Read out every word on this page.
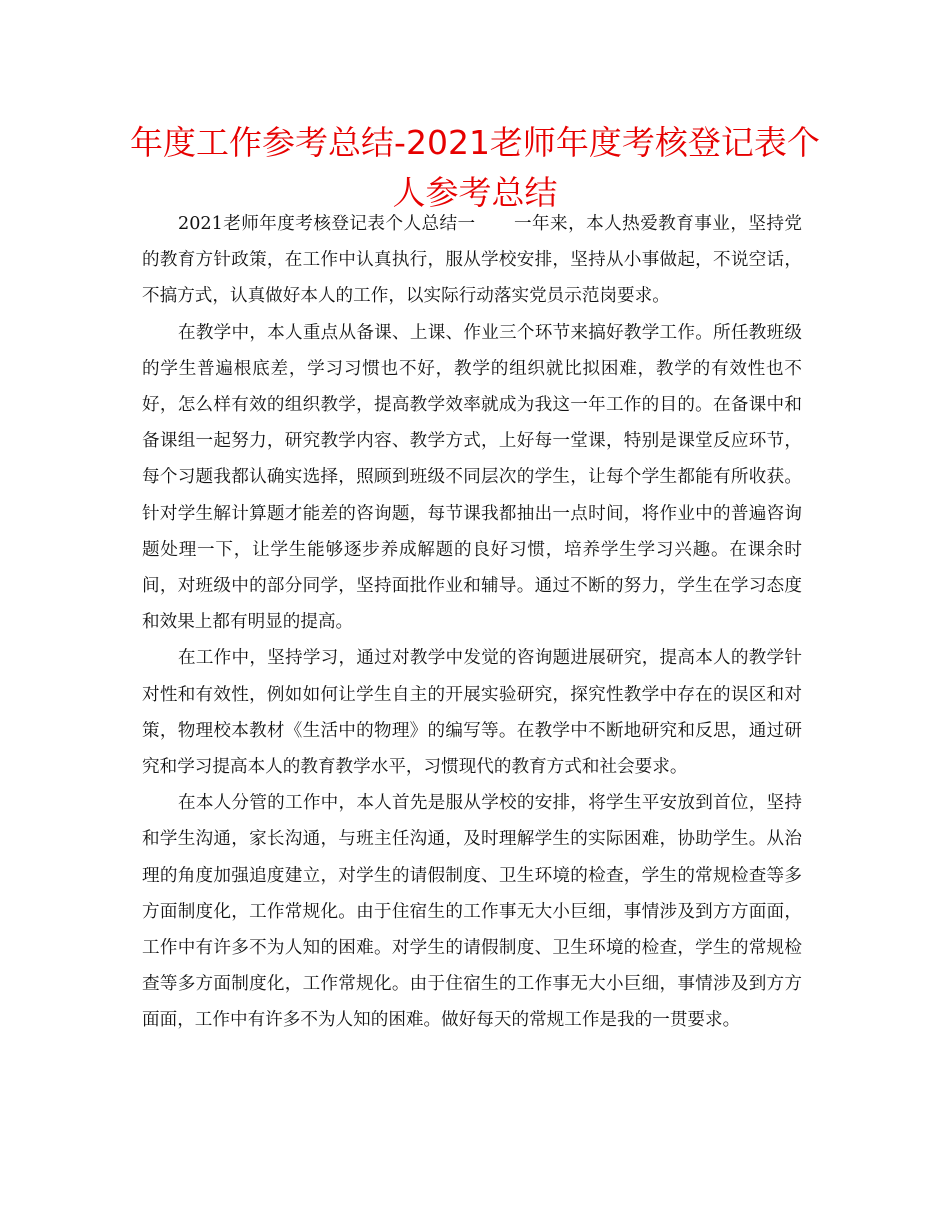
年度工作参考总结-2021老师年度考核登记表个人参考总结

2021老师年度考核登记表个人总结一 一年来，本人热爱教育事业，坚持党的教育方针政策，在工作中认真执行，服从学校安排，坚持从小事做起，不说空话，不搞方式，认真做好本人的工作，以实际行动落实党员示范岗要求。

在教学中，本人重点从备课、上课、作业三个环节来搞好教学工作。所任教班级的学生普遍根底差，学习习惯也不好，教学的组织就比拟困难，教学的有效性也不好，怎么样有效的组织教学，提高教学效率就成为我这一年工作的目的。在备课中和备课组一起努力，研究教学内容、教学方式，上好每一堂课，特别是课堂反应环节，每个习题我都认确实选择，照顾到班级不同层次的学生，让每个学生都能有所收获。针对学生解计算题才能差的咨询题，每节课我都抽出一点时间，将作业中的普遍咨询题处理一下，让学生能够逐步养成解题的良好习惯，培养学生学习兴趣。在课余时间，对班级中的部分同学，坚持面批作业和辅导。通过不断的努力，学生在学习态度和效果上都有明显的提高。

在工作中，坚持学习，通过对教学中发觉的咨询题进展研究，提高本人的教学针对性和有效性，例如如何让学生自主的开展实验研究，探究性教学中存在的误区和对策，物理校本教材《生活中的物理》的编写等。在教学中不断地研究和反思，通过研究和学习提高本人的教育教学水平，习惯现代的教育方式和社会要求。

在本人分管的工作中，本人首先是服从学校的安排，将学生平安放到首位，坚持和学生沟通，家长沟通，与班主任沟通，及时理解学生的实际困难，协助学生。从治理的角度加强追度建立，对学生的请假制度、卫生环境的检查，学生的常规检查等多方面制度化，工作常规化。由于住宿生的工作事无大小巨细，事情涉及到方方面面，工作中有许多不为人知的困难。对学生的请假制度、卫生环境的检查，学生的常规检查等多方面制度化，工作常规化。由于住宿生的工作事无大小巨细，事情涉及到方方面面，工作中有许多不为人知的困难。做好每天的常规工作是我的一贯要求。
